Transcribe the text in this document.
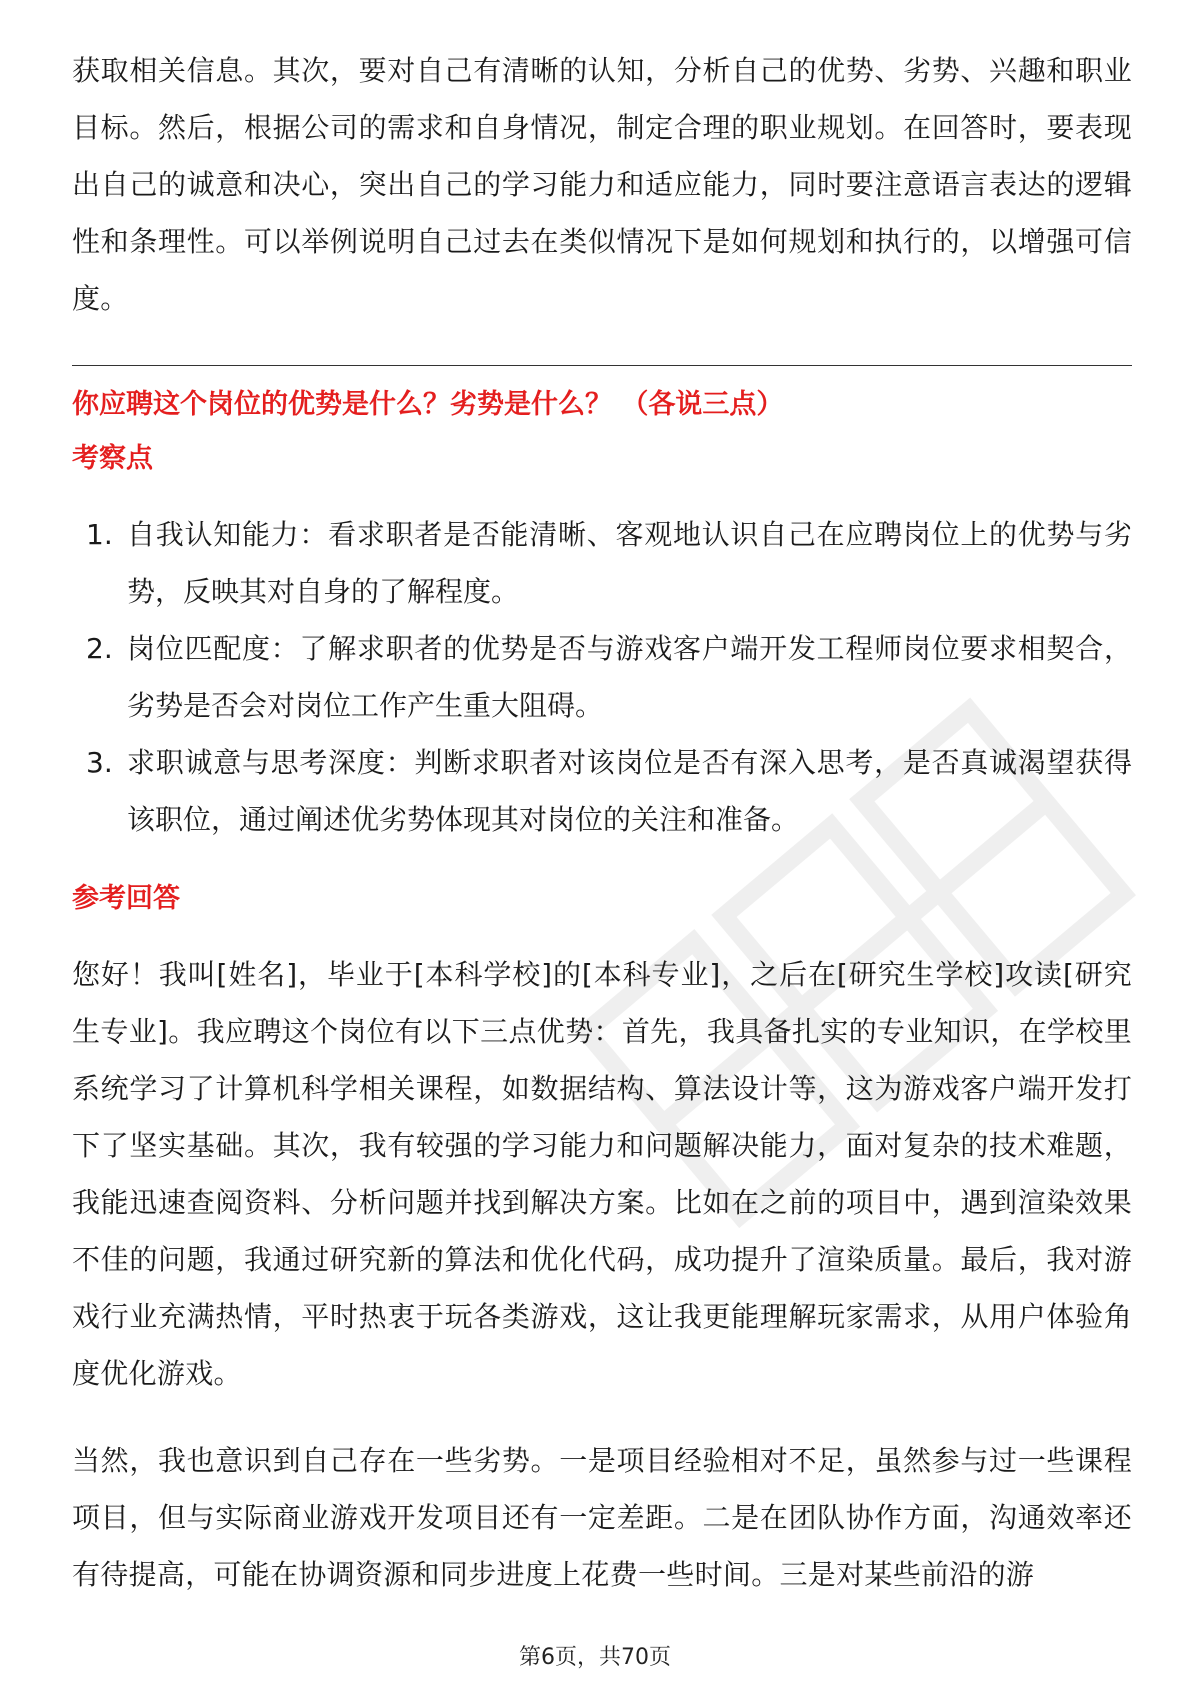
获取相关信息。其次，要对自己有清晰的认知，分析自己的优势、劣势、兴趣和职业目标。然后，根据公司的需求和自身情况，制定合理的职业规划。在回答时，要表现出自己的诚意和决心，突出自己的学习能力和适应能力，同时要注意语言表达的逻辑性和条理性。可以举例说明自己过去在类似情况下是如何规划和执行的，以增强可信度。

你应聘这个岗位的优势是什么？劣势是什么？ （各说三点）
考察点
1. 自我认知能力：看求职者是否能清晰、客观地认识自己在应聘岗位上的优势与劣势，反映其对自身的了解程度。
2. 岗位匹配度：了解求职者的优势是否与游戏客户端开发工程师岗位要求相契合，劣势是否会对岗位工作产生重大阻碍。
3. 求职诚意与思考深度：判断求职者对该岗位是否有深入思考，是否真诚渴望获得该职位，通过阐述优劣势体现其对岗位的关注和准备。
参考回答

您好！我叫[姓名]，毕业于[本科学校]的[本科专业]，之后在[研究生学校]攻读[研究生专业]。我应聘这个岗位有以下三点优势：首先，我具备扎实的专业知识，在学校里系统学习了计算机科学相关课程，如数据结构、算法设计等，这为游戏客户端开发打下了坚实基础。其次，我有较强的学习能力和问题解决能力，面对复杂的技术难题，我能迅速查阅资料、分析问题并找到解决方案。比如在之前的项目中，遇到渲染效果不佳的问题，我通过研究新的算法和优化代码，成功提升了渲染质量。最后，我对游戏行业充满热情，平时热衷于玩各类游戏，这让我更能理解玩家需求，从用户体验角度优化游戏。

当然，我也意识到自己存在一些劣势。一是项目经验相对不足，虽然参与过一些课程项目，但与实际商业游戏开发项目还有一定差距。二是在团队协作方面，沟通效率还有待提高，可能在协调资源和同步进度上花费一些时间。三是对某些前沿的游

第6页，共70页
